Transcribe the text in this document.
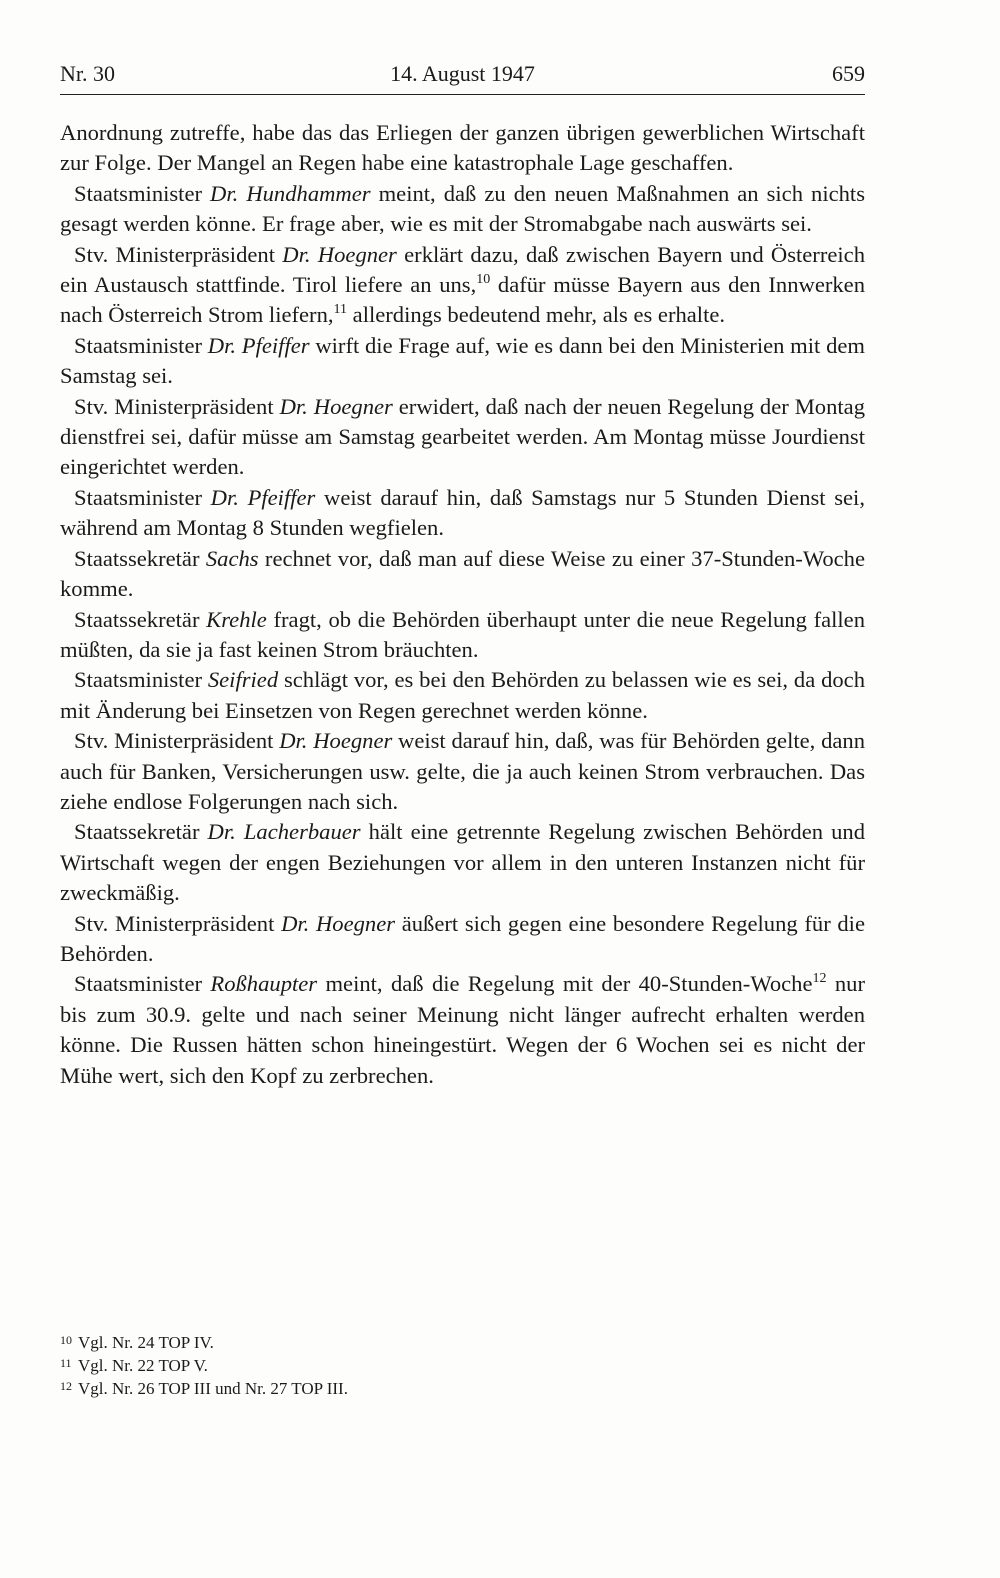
Nr. 30	14. August 1947	659

Anordnung zutreffe, habe das das Erliegen der ganzen übrigen gewerblichen Wirtschaft zur Folge. Der Mangel an Regen habe eine katastrophale Lage geschaffen.

Staatsminister Dr. Hundhammer meint, daß zu den neuen Maßnahmen an sich nichts gesagt werden könne. Er frage aber, wie es mit der Stromabgabe nach auswärts sei.

Stv. Ministerpräsident Dr. Hoegner erklärt dazu, daß zwischen Bayern und Österreich ein Austausch stattfinde. Tirol liefere an uns,$^{10}$ dafür müsse Bayern aus den Innwerken nach Österreich Strom liefern,$^{11}$ allerdings bedeutend mehr, als es erhalte.

Staatsminister Dr. Pfeiffer wirft die Frage auf, wie es dann bei den Ministerien mit dem Samstag sei.

Stv. Ministerpräsident Dr. Hoegner erwidert, daß nach der neuen Regelung der Montag dienstfrei sei, dafür müsse am Samstag gearbeitet werden. Am Montag müsse Jourdienst eingerichtet werden.

Staatsminister Dr. Pfeiffer weist darauf hin, daß Samstags nur 5 Stunden Dienst sei, während am Montag 8 Stunden wegfielen.

Staatssekretär Sachs rechnet vor, daß man auf diese Weise zu einer 37-Stunden-Woche komme.

Staatssekretär Krehle fragt, ob die Behörden überhaupt unter die neue Regelung fallen müßten, da sie ja fast keinen Strom bräuchten.

Staatsminister Seifried schlägt vor, es bei den Behörden zu belassen wie es sei, da doch mit Änderung bei Einsetzen von Regen gerechnet werden könne.

Stv. Ministerpräsident Dr. Hoegner weist darauf hin, daß, was für Behörden gelte, dann auch für Banken, Versicherungen usw. gelte, die ja auch keinen Strom verbrauchen. Das ziehe endlose Folgerungen nach sich.

Staatssekretär Dr. Lacherbauer hält eine getrennte Regelung zwischen Behörden und Wirtschaft wegen der engen Beziehungen vor allem in den unteren Instanzen nicht für zweckmäßig.

Stv. Ministerpräsident Dr. Hoegner äußert sich gegen eine besondere Regelung für die Behörden.

Staatsminister Roßhaupter meint, daß die Regelung mit der 40-Stunden-Woche$^{12}$ nur bis zum 30.9. gelte und nach seiner Meinung nicht länger aufrecht erhalten werden könne. Die Russen hätten schon hineingestürt. Wegen der 6 Wochen sei es nicht der Mühe wert, sich den Kopf zu zerbrechen.

10 Vgl. Nr. 24 TOP IV.
11 Vgl. Nr. 22 TOP V.
12 Vgl. Nr. 26 TOP III und Nr. 27 TOP III.
